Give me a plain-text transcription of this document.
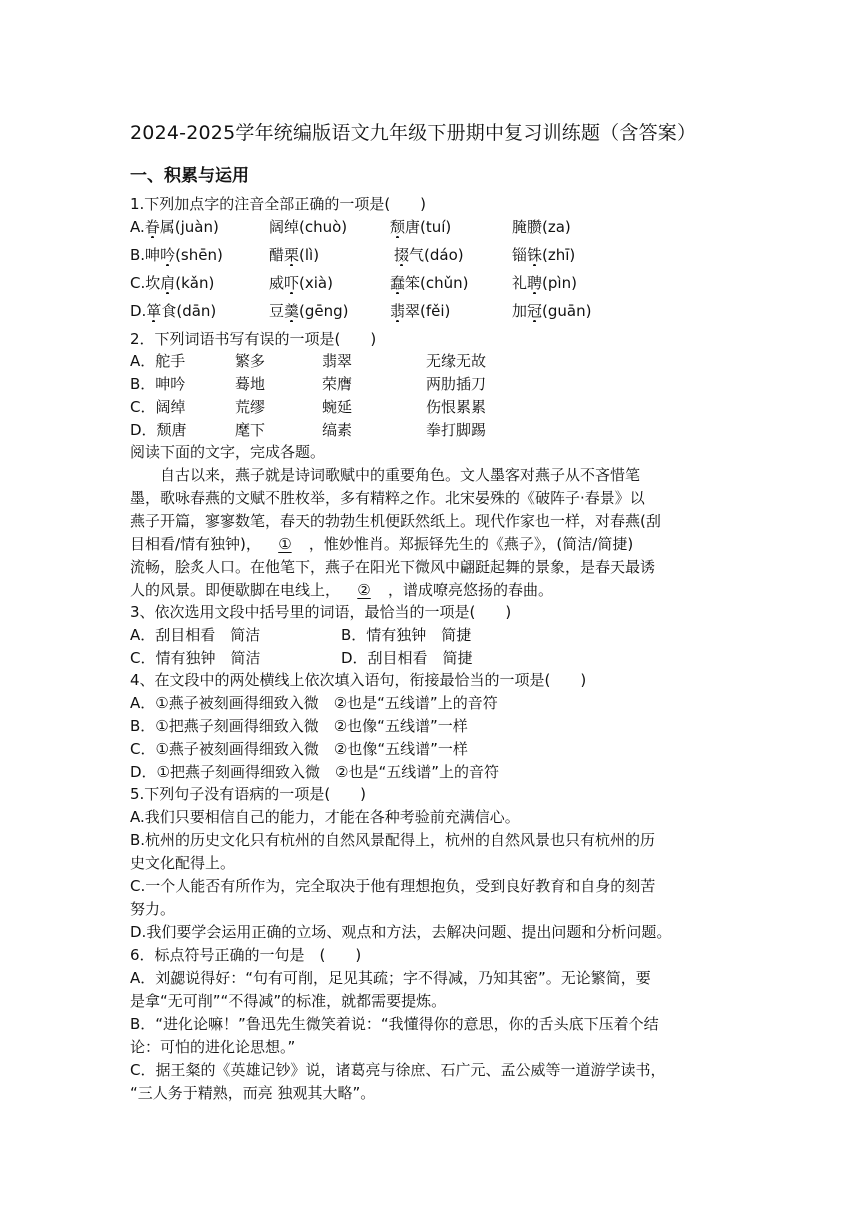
2024-2025学年统编版语文九年级下册期中复习训练题（含答案）
一、积累与运用
1.下列加点字的注音全部正确的一项是(　　)
A.眷属(juàn)	阔绰(chuò)	颓唐(tuí)	腌臜(za)
B.呻吟(shēn)	醋栗(lì)	掇气(dáo)	锱铢(zhī)
C.坎肩(kǎn)	威吓(xià)	蠢笨(chǔn)	礼聘(pìn)
D.箪食(dān)	豆羹(gēng)	翡翠(fěi)	加冠(guān)
2．下列词语书写有误的一项是(　　)
A．舵手	繁多	翡翠	无缘无故
B．呻吟	蓦地	荣膺	两肋插刀
C．阔绰	荒缪	蜿延	伤恨累累
D．颓唐	麾下	缟素	拳打脚踢
阅读下面的文字，完成各题。
　　自古以来，燕子就是诗词歌赋中的重要角色。文人墨客对燕子从不吝惜笔
墨，歌咏春燕的文赋不胜枚举，多有精粹之作。北宋晏殊的《破阵子·春景》以
燕子开篇，寥寥数笔，春天的勃勃生机便跃然纸上。现代作家也一样，对春燕(刮
目相看/情有独钟)， ① ，惟妙惟肖。郑振铎先生的《燕子》，(简洁/简捷)
流畅，脍炙人口。在他笔下，燕子在阳光下微风中翩跹起舞的景象，是春天最诱
人的风景。即便歇脚在电线上， ② ，谱成嘹亮悠扬的春曲。
3、依次选用文段中括号里的词语，最恰当的一项是(　　)
A．刮目相看　简洁	B．情有独钟　简捷
C．情有独钟　简洁	D．刮目相看　简捷
4、在文段中的两处横线上依次填入语句，衔接最恰当的一项是(　　)
A．①燕子被刻画得细致入微　②也是“五线谱”上的音符
B．①把燕子刻画得细致入微　②也像“五线谱”一样
C．①燕子被刻画得细致入微　②也像“五线谱”一样
D．①把燕子刻画得细致入微　②也是“五线谱”上的音符
5.下列句子没有语病的一项是(　　)
A.我们只要相信自己的能力，才能在各种考验前充满信心。
B.杭州的历史文化只有杭州的自然风景配得上，杭州的自然风景也只有杭州的历
史文化配得上。
C.一个人能否有所作为，完全取决于他有理想抱负，受到良好教育和自身的刻苦
努力。
D.我们要学会运用正确的立场、观点和方法，去解决问题、提出问题和分析问题。
6．标点符号正确的一句是　(　　)
A．刘勰说得好：“句有可削，足见其疏；字不得减，乃知其密”。无论繁简，要
是拿“无可削”“不得减”的标准，就都需要提炼。
B．“进化论嘛！”鲁迅先生微笑着说：“我懂得你的意思，你的舌头底下压着个结
论：可怕的进化论思想。”
C．据王粲的《英雄记钞》说，诸葛亮与徐庶、石广元、孟公威等一道游学读书，
“三人务于精熟，而亮 独观其大略”。
